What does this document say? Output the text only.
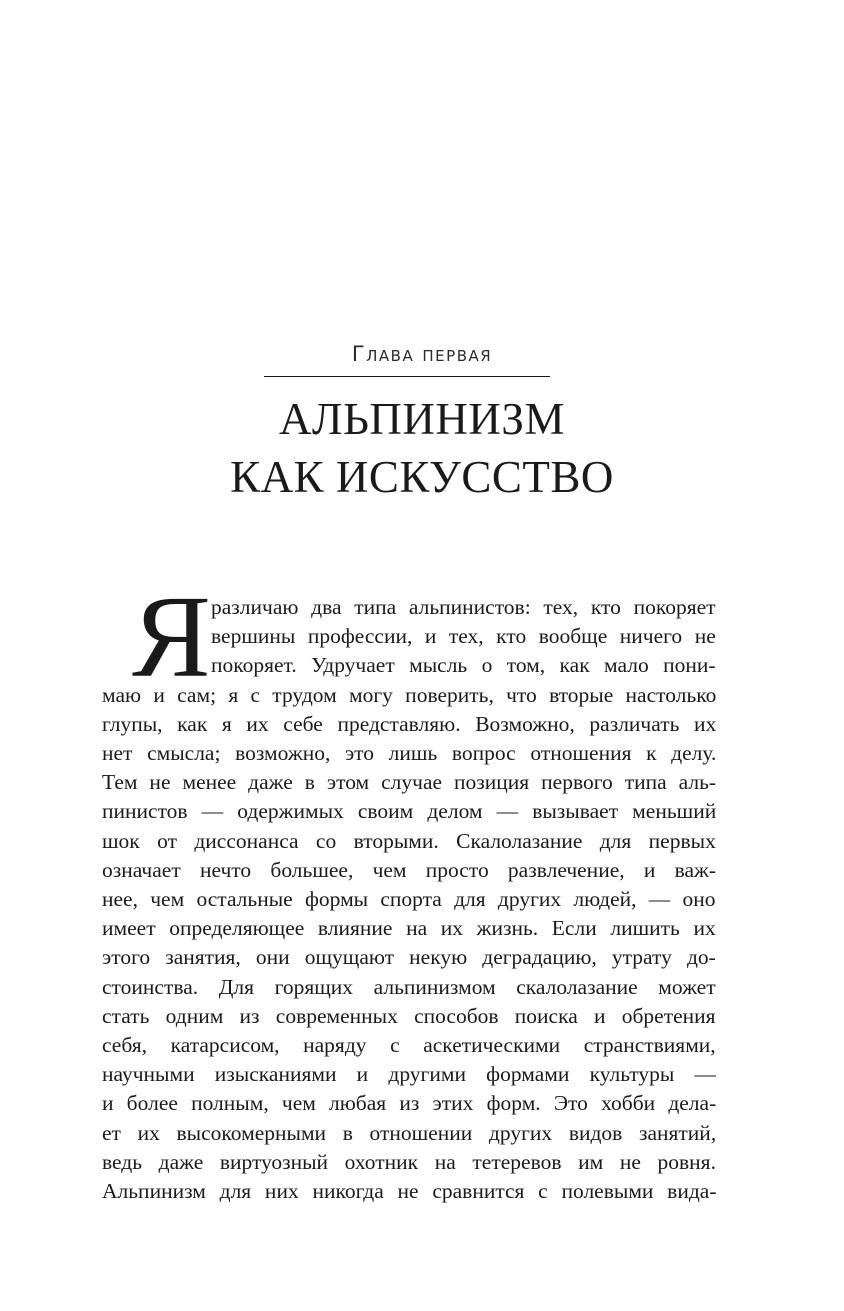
Глава первая
АЛЬПИНИЗМ
КАК ИСКУССТВО
Я различаю два типа альпинистов: тех, кто покоряет
вершины профессии, и тех, кто вообще ничего не
покоряет. Удручает мысль о том, как мало пони-
маю и сам; я с трудом могу поверить, что вторые настолько
глупы, как я их себе представляю. Возможно, различать их
нет смысла; возможно, это лишь вопрос отношения к делу.
Тем не менее даже в этом случае позиция первого типа аль-
пинистов — одержимых своим делом — вызывает меньший
шок от диссонанса со вторыми. Скалолазание для первых
означает нечто большее, чем просто развлечение, и важ-
нее, чем остальные формы спорта для других людей, — оно
имеет определяющее влияние на их жизнь. Если лишить их
этого занятия, они ощущают некую деградацию, утрату до-
стоинства. Для горящих альпинизмом скалолазание может
стать одним из современных способов поиска и обретения
себя, катарсисом, наряду с аскетическими странствиями,
научными изысканиями и другими формами культуры —
и более полным, чем любая из этих форм. Это хобби дела-
ет их высокомерными в отношении других видов занятий,
ведь даже виртуозный охотник на тетеревов им не ровня.
Альпинизм для них никогда не сравнится с полевыми вида-
